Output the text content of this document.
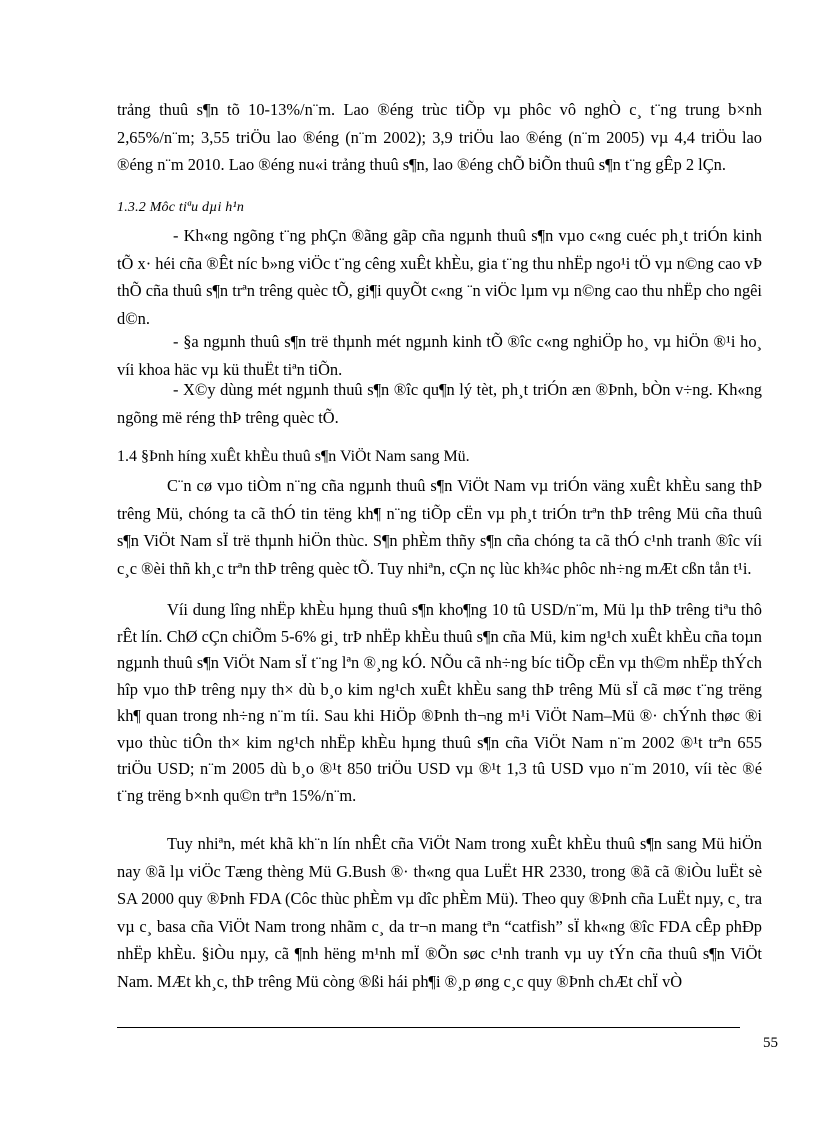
trảng thuû s¶n tõ 10-13%/n¨m. Lao ®éng trùc tiÕp vµ phôc vô nghÒ c¸ t¨ng trung b×nh 2,65%/n¨m; 3,55 triÖu lao ®éng (n¨m 2002); 3,9 triÖu lao ®éng (n¨m 2005) vµ 4,4 triÖu lao ®éng n¨m 2010. Lao ®éng nu«i trảng thuû s¶n, lao ®éng chÕ biÕn thuû s¶n t¨ng gÊp 2 lÇn.

1.3.2 Môc tiªu dµi h¹n

- Kh«ng ngõng t¨ng phÇn ®ãng gãp cña ngµnh thuû s¶n vµo c«ng cuéc ph¸t triÓn kinh tÕ x· héi cña ®Êt níc b»ng viÖc t¨ng cêng xuÊt khÈu, gia t¨ng thu nhËp ngo¹i tÖ vµ n©ng cao vÞ thÕ cña thuû s¶n trªn trêng quèc tÕ, gi¶i quyÕt c«ng ¨n viÖc lµm vµ n©ng cao thu nhËp cho ngêi d©n.

- §a ngµnh thuû s¶n trë thµnh mét ngµnh kinh tÕ ®îc c«ng nghiÖp ho¸ vµ hiÖn ®¹i ho¸ víi khoa häc vµ kü thuËt tiªn tiÕn.

- X©y dùng mét ngµnh thuû s¶n ®îc qu¶n lý tèt, ph¸t triÓn æn ®Þnh, bÒn v÷ng. Kh«ng ngõng më réng thÞ trêng quèc tÕ.

1.4 §Þnh híng xuÊt khÈu thuû s¶n ViÖt Nam sang Mü.

C¨n cø vµo tiÒm n¨ng cña ngµnh thuû s¶n ViÖt Nam vµ triÓn väng xuÊt khÈu sang thÞ trêng Mü, chóng ta cã thÓ tin tëng kh¶ n¨ng tiÕp cËn vµ ph¸t triÓn trªn thÞ trêng Mü cña thuû s¶n ViÖt Nam sÏ trë thµnh hiÖn thùc. S¶n phÈm thñy s¶n cña chóng ta cã thÓ c¹nh tranh ®îc víi c¸c ®èi thñ kh¸c trªn thÞ trêng quèc tÕ. Tuy nhiªn, cÇn nç lùc kh¾c phôc nh÷ng mÆt cßn tån t¹i.

Víi dung lîng nhËp khÈu hµng thuû s¶n kho¶ng 10 tû USD/n¨m, Mü lµ thÞ trêng tiªu thô rÊt lín. ChØ cÇn chiÕm 5-6% gi¸ trÞ nhËp khÈu thuû s¶n cña Mü, kim ng¹ch xuÊt khÈu cña toµn ngµnh thuû s¶n ViÖt Nam sÏ t¨ng lªn ®¸ng kÓ. NÕu cã nh÷ng bíc tiÕp cËn vµ th©m nhËp thÝch hîp vµo thÞ trêng nµy th× dù b¸o kim ng¹ch xuÊt khÈu sang thÞ trêng Mü sÏ cã møc t¨ng trëng kh¶ quan trong nh÷ng n¨m tíi. Sau khi HiÖp ®Þnh th¬ng m¹i ViÖt Nam–Mü ®· chÝnh thøc ®i vµo thùc tiÔn th× kim ng¹ch nhËp khÈu hµng thuû s¶n cña ViÖt Nam n¨m 2002 ®¹t trªn 655 triÖu USD; n¨m 2005 dù b¸o ®¹t 850 triÖu USD vµ ®¹t 1,3 tû USD vµo n¨m 2010, víi tèc ®é t¨ng trëng b×nh qu©n trªn 15%/n¨m.

Tuy nhiªn, mét khã kh¨n lín nhÊt cña ViÖt Nam trong xuÊt khÈu thuû s¶n sang Mü hiÖn nay ®ã lµ viÖc Tæng thèng Mü G.Bush ®· th«ng qua LuËt HR 2330, trong ®ã cã ®iÒu luËt sè SA 2000 quy ®Þnh FDA (Côc thùc phÈm vµ dîc phÈm Mü). Theo quy ®Þnh cña LuËt nµy, c¸ tra vµ c¸ basa cña ViÖt Nam trong nhãm c¸ da tr¬n mang tªn “catfish” sÏ kh«ng ®îc FDA cÊp phÐp nhËp khÈu. §iÒu nµy, cã ¶nh hëng m¹nh mÏ ®Õn søc c¹nh tranh vµ uy tÝn cña thuû s¶n ViÖt Nam. MÆt kh¸c, thÞ trêng Mü còng ®ßi hái ph¶i ®¸p øng c¸c quy ®Þnh chÆt chÏ vÒ

55
